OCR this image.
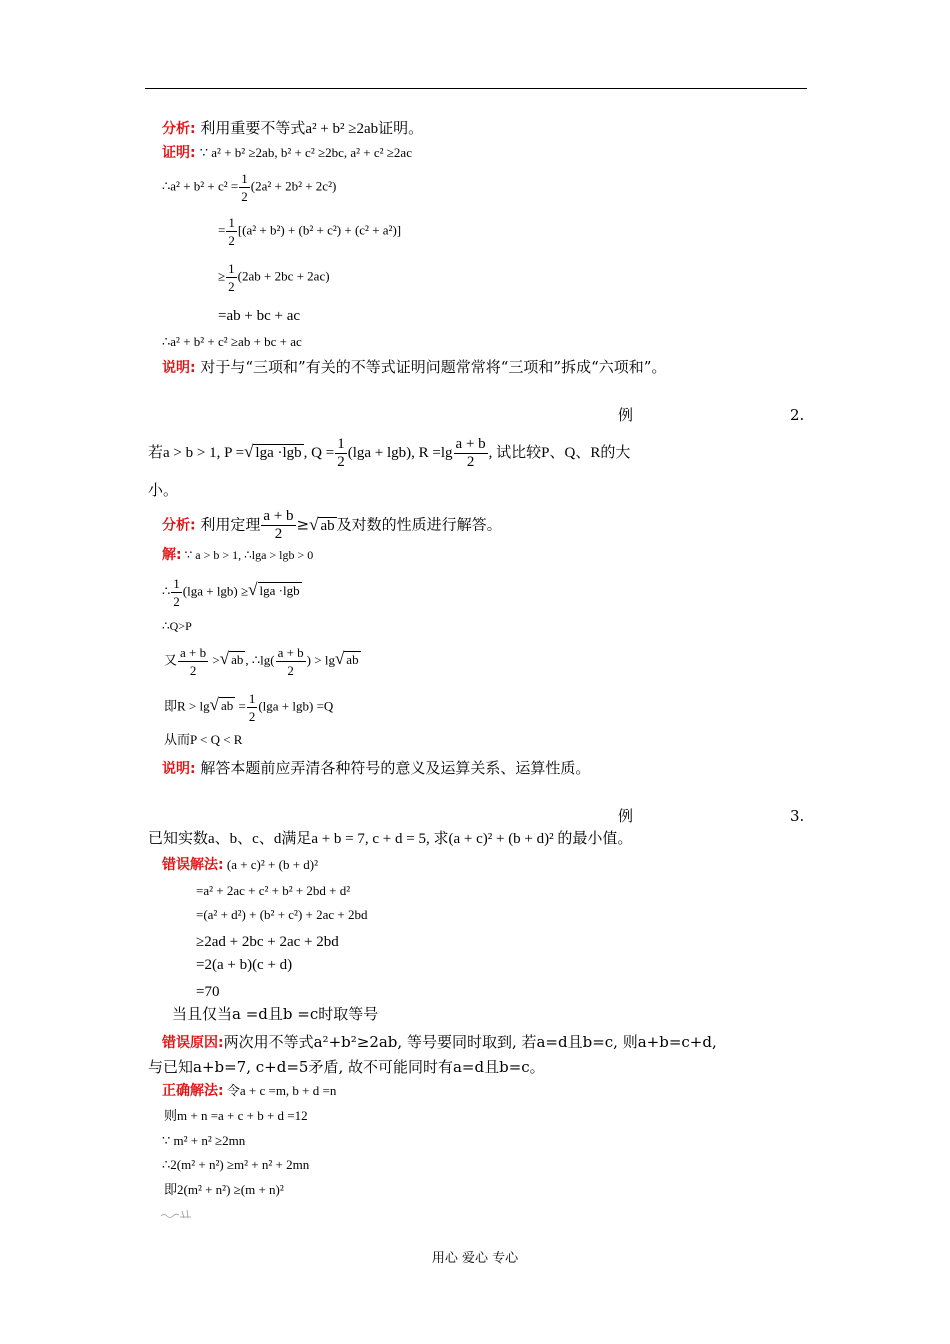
分析: 利用重要不等式a² + b² ≥2ab证明。
证明: ∵ a² + b² ≥2ab, b² + c² ≥2bc, a² + c² ≥2ac
∴a² + $b^2 + c^2 = \frac{1}{2} (2a^2 + 2b^2 + 2c^2)$
= $\frac{1}{2} [(a^2 + b^2) + (b^2 + c^2) + (c^2 + a^2)]$
≥ $\frac{1}{2} (2ab + 2bc + 2ac)$
=ab + bc + ac
∴a² + b² + c² ≥ab + bc + ac
说明: 对于与“三项和”有关的不等式证明问题常常将“三项和”拆成“六项和”。
例	2.
若a > b > 1, P =√ lga ·lgb , $Q = \frac{1}{2} (\lg a + \lg b)$, $R =\lg \frac{a + b}{2}$ , 试比较P、Q、R的大
小。
分析: 利用定理 $\frac{a + b}{2}$ ≥√ ab 及对数的性质进行解答。
解: ∵ a > b > 1, ∴lga > lgb > 0
∴ $\frac{1}{2} (\lg a + \lg b)$ ≥√ lga ·lgb
∴Q>P
又 $\frac{a + b}{2}$ >√ ab , ∴lg( $\frac{a + b}{2}$ ) > lg√ ab
即R > lg√ ab = $\frac{1}{2} (\lg a + \lg b) =Q$
从而P < Q < R
说明: 解答本题前应弄清各种符号的意义及运算关系、运算性质。
例	3.
已知实数a、b、c、d满足a + b = 7, c + d = 5, 求(a + c)² + (b + d)² 的最小值。
错误解法: (a + c)² + (b + d)²
=a² + 2ac + c² + b² + 2bd + d²
=(a² + d²) + (b² + c²) + 2ac + 2bd
≥2ad + 2bc + 2ac + 2bd
=2(a + b)(c + d)
=70
当且仅当a =d且b =c时取等号
错误原因:两次用不等式a²+b²≥2ab, 等号要同时取到, 若a=d且b=c, 则a+b=c+d,
与已知a+b=7, c+d=5矛盾, 故不可能同时有a=d且b=c。
正确解法: 令a + c =m, b + d =n
则m + n =a + c + b + d =12
∵ m² + n² ≥2mn
∴2(m² + n²) ≥m² + n² + 2mn
即2(m² + n²) ≥(m + n)²
用心 爱心 专心
